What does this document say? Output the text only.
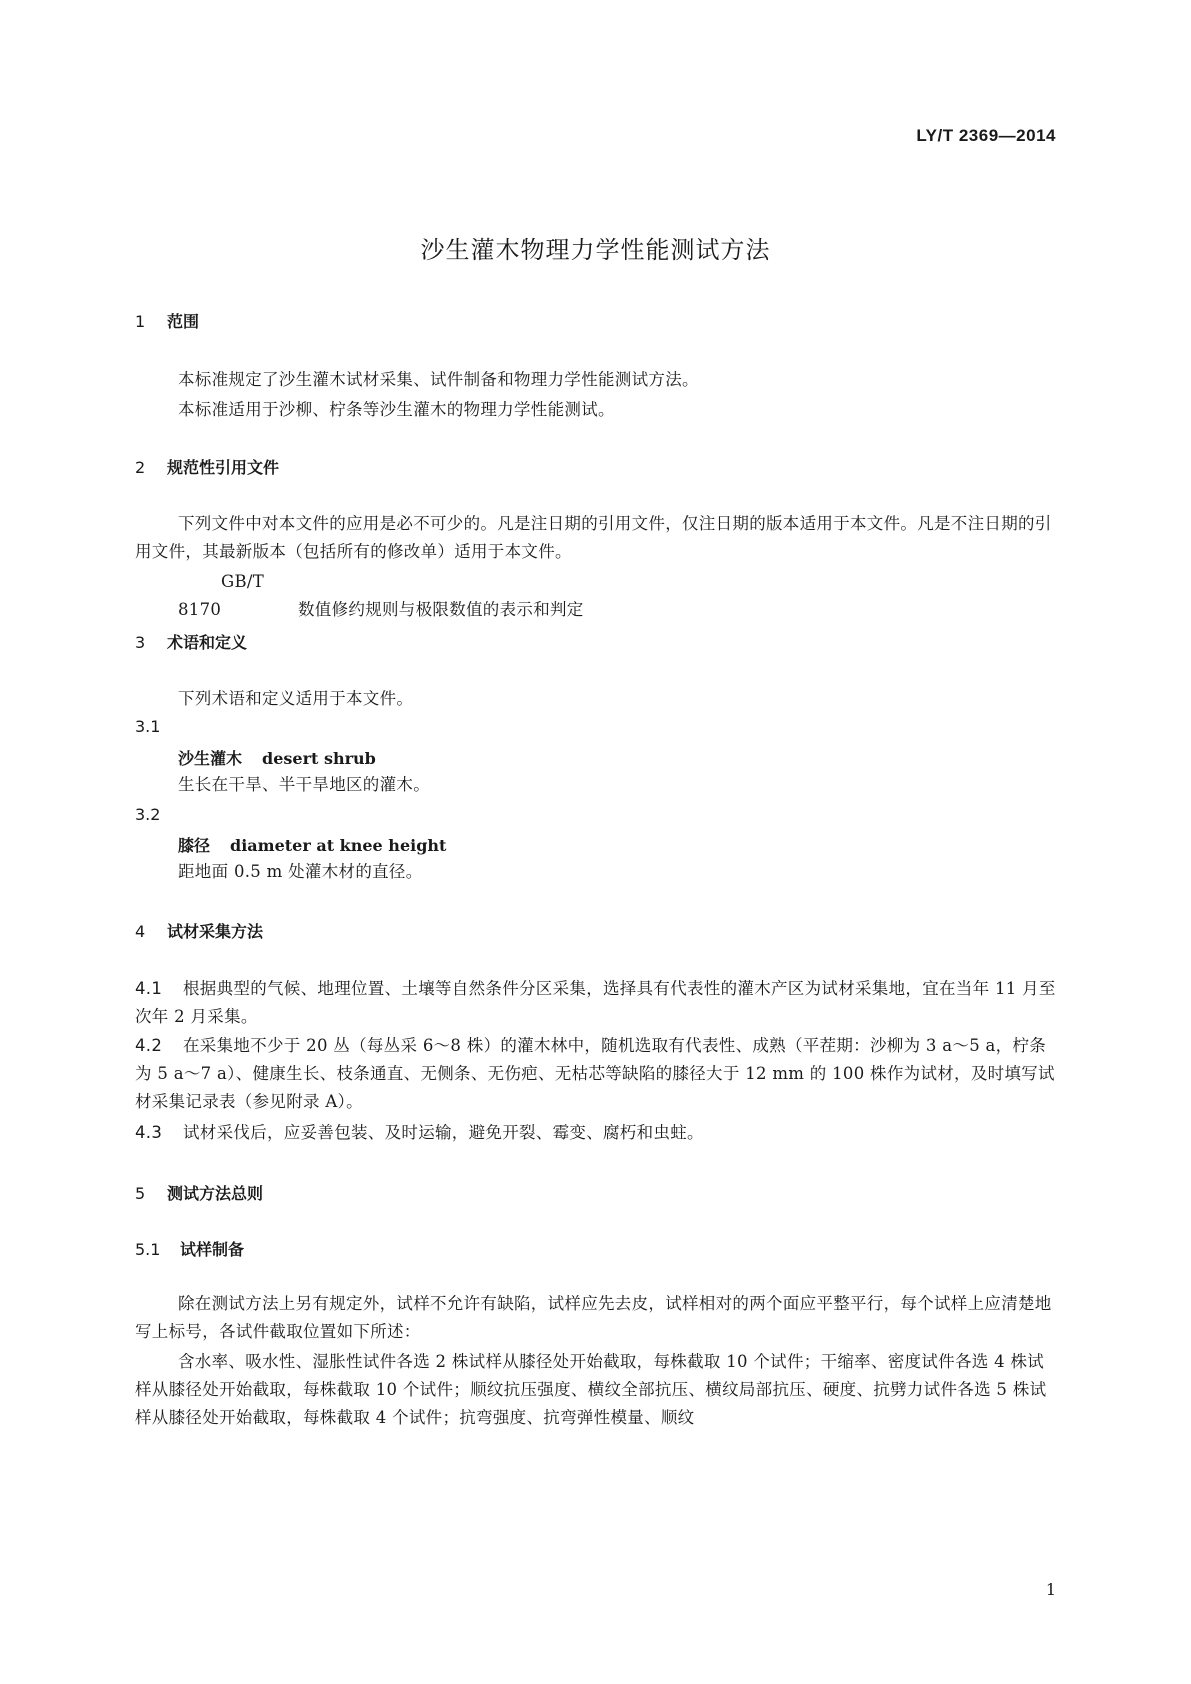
LY/T 2369—2014
沙生灌木物理力学性能测试方法
1 范围
本标准规定了沙生灌木试材采集、试件制备和物理力学性能测试方法。
本标准适用于沙柳、柠条等沙生灌木的物理力学性能测试。
2 规范性引用文件
下列文件中对本文件的应用是必不可少的。凡是注日期的引用文件，仅注日期的版本适用于本文件。凡是不注日期的引用文件，其最新版本（包括所有的修改单）适用于本文件。
GB/T 8170	数值修约规则与极限数值的表示和判定
3 术语和定义
下列术语和定义适用于本文件。
3.1
沙生灌木 desert shrub
生长在干旱、半干旱地区的灌木。
3.2
膝径 diameter at knee height
距地面 0.5 m 处灌木材的直径。
4 试材采集方法
4.1 根据典型的气候、地理位置、土壤等自然条件分区采集，选择具有代表性的灌木产区为试材采集地，宜在当年 11 月至次年 2 月采集。
4.2 在采集地不少于 20 丛（每丛采 6～8 株）的灌木林中，随机选取有代表性、成熟（平茬期：沙柳为 3 a～5 a，柠条为 5 a～7 a）、健康生长、枝条通直、无侧条、无伤疤、无枯芯等缺陷的膝径大于 12 mm 的 100 株作为试材，及时填写试材采集记录表（参见附录 A）。
4.3 试材采伐后，应妥善包装、及时运输，避免开裂、霉变、腐朽和虫蛀。
5 测试方法总则
5.1 试样制备
除在测试方法上另有规定外，试样不允许有缺陷，试样应先去皮，试样相对的两个面应平整平行，每个试样上应清楚地写上标号，各试件截取位置如下所述：
含水率、吸水性、湿胀性试件各选 2 株试样从膝径处开始截取，每株截取 10 个试件；干缩率、密度试件各选 4 株试样从膝径处开始截取，每株截取 10 个试件；顺纹抗压强度、横纹全部抗压、横纹局部抗压、硬度、抗劈力试件各选 5 株试样从膝径处开始截取，每株截取 4 个试件；抗弯强度、抗弯弹性模量、顺纹
1
